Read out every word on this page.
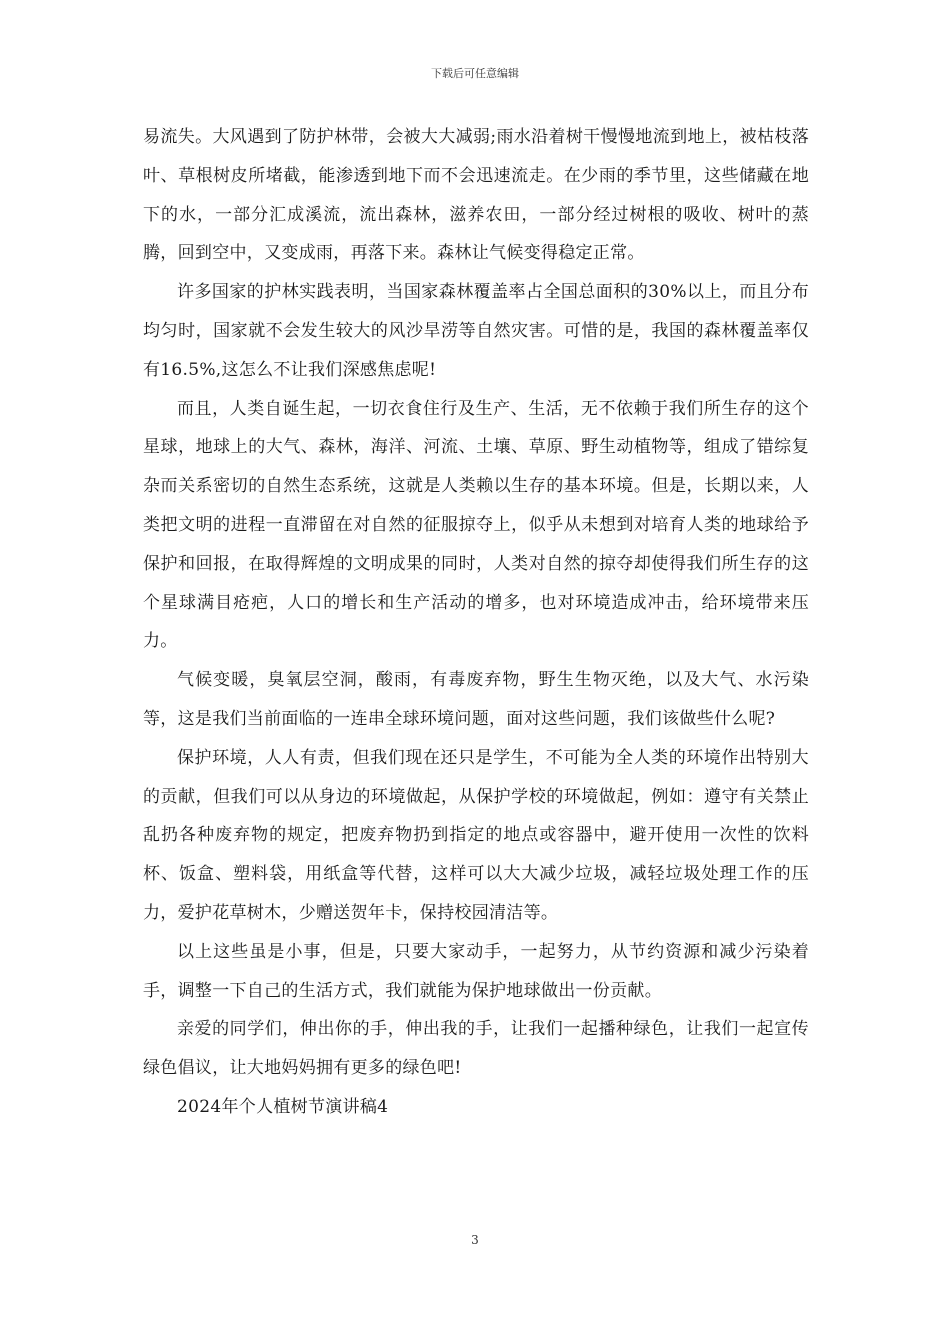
下载后可任意编辑

易流失。大风遇到了防护林带，会被大大减弱;雨水沿着树干慢慢地流到地上，被枯枝落叶、草根树皮所堵截，能渗透到地下而不会迅速流走。在少雨的季节里，这些储藏在地下的水，一部分汇成溪流，流出森林，滋养农田，一部分经过树根的吸收、树叶的蒸腾，回到空中，又变成雨，再落下来。森林让气候变得稳定正常。

许多国家的护林实践表明，当国家森林覆盖率占全国总面积的30%以上，而且分布均匀时，国家就不会发生较大的风沙旱涝等自然灾害。可惜的是，我国的森林覆盖率仅有16.5%,这怎么不让我们深感焦虑呢!

而且，人类自诞生起，一切衣食住行及生产、生活，无不依赖于我们所生存的这个星球，地球上的大气、森林，海洋、河流、土壤、草原、野生动植物等，组成了错综复杂而关系密切的自然生态系统，这就是人类赖以生存的基本环境。但是，长期以来，人类把文明的进程一直滞留在对自然的征服掠夺上，似乎从未想到对培育人类的地球给予保护和回报，在取得辉煌的文明成果的同时，人类对自然的掠夺却使得我们所生存的这个星球满目疮疤，人口的增长和生产活动的增多，也对环境造成冲击，给环境带来压力。

气候变暖，臭氧层空洞，酸雨，有毒废弃物，野生生物灭绝，以及大气、水污染等，这是我们当前面临的一连串全球环境问题，面对这些问题，我们该做些什么呢?

保护环境，人人有责，但我们现在还只是学生，不可能为全人类的环境作出特别大的贡献，但我们可以从身边的环境做起，从保护学校的环境做起，例如：遵守有关禁止乱扔各种废弃物的规定，把废弃物扔到指定的地点或容器中，避开使用一次性的饮料杯、饭盒、塑料袋，用纸盒等代替，这样可以大大减少垃圾，减轻垃圾处理工作的压力，爱护花草树木，少赠送贺年卡，保持校园清洁等。

以上这些虽是小事，但是，只要大家动手，一起努力，从节约资源和减少污染着手，调整一下自己的生活方式，我们就能为保护地球做出一份贡献。

亲爱的同学们，伸出你的手，伸出我的手，让我们一起播种绿色，让我们一起宣传绿色倡议，让大地妈妈拥有更多的绿色吧!

2024年个人植树节演讲稿4

3
